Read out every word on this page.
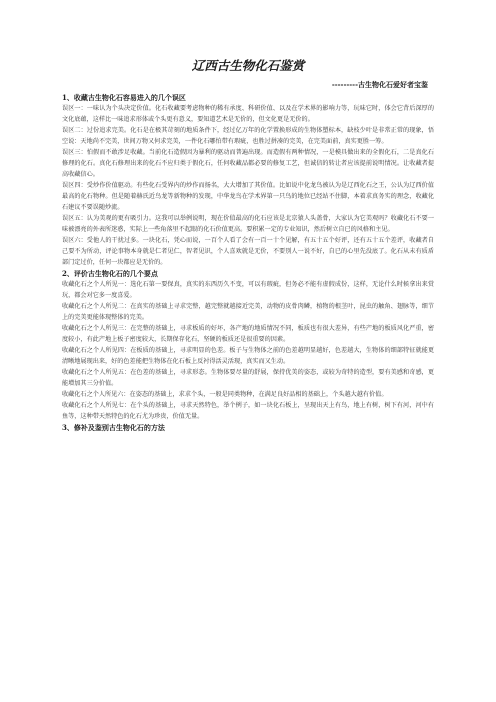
辽西古生物化石鉴赏
---------古生物化石爱好者宝鉴
1、收藏古生物化石容易进入的几个误区

误区一：一味认为个头决定价值。化石收藏要考虑物种的稀有承度、科研价值、以及在学术界的影响力等，玩味它时，体会它背后深厚的文化底蕴，这样比一味追求形体或个头更有意义，要知道艺术是无价的，但文化更是无价的。

误区二：过份追求完美。化石是在极其苛刻的地质条件下，经过亿万年的化学置换形成的生物体塑标本，缺枝少叶是非常正常的现象，悟空说：天地尚不完美，世间万物又何求完美，一件化石哪怕带有瑕疵，也胜过拼凑的完美，在完美面前，真实更胜一筹。

误区三：怕假而不敢涉足收藏。当前化石造假因为暴利的驱动而普遍出现。而造假有两种情况，一是模具做出来的全假化石，二是真化石修理的化石。真化石修理出来的化石不应归类于假化石，任何收藏品都必要的修复工艺，但诚信的转让者应该提前说明情况。让收藏者提高收藏信心。

误区四：受炒作价值驱动。有些化石受界内的炒作而扬名，大大增加了其价值。比如说中化龙鸟被认为是辽西化石之王，公认为辽西价值最高的化石物种。但是随着赫氏近鸟龙等新物种的发现，中华龙鸟在学术界第一只鸟的地位已经站不住脚，本着求真务实的理念，收藏化石建议不要误随炒流。

误区五：认为美观的更有吸引力。这我可以举例说明，现在价值最高的化石应该是北京猿人头盖骨，大家认为它美观吗？收藏化石不要一味被漂亮的外表所迷惑，实际上一些角落里不起眼的化石价值更高。要积累一定的专业知识，然后树立自已的风格和主见。

误区六：受他人的干扰过多。一块化石，凭心而说，一百个人看了会有一百一十个见解，有五十五个好评，还有五十五个差评，收藏者自己要不为所动，评论事物本身就是仁者见仁，智者见识，个人喜欢就是无价，不要别人一说不好，自已的心里先没底了。化石从未有质盾部门定过价，任何一块都应是无价的。

2、评价古生物化石的几个要点

收藏化石之个人所见一：选化石第一要保真，真实的东西历久不变，可以有瑕疵，但务必不能有虚假成份，这样，无论什么时候拿出来赏玩，都会对它多一度喜爱。

收藏化石之个人所见二：在真实的基础上寻求完整，越完整就越接近完美，动物的皮骨肉鳞，植物的根茎叶，昆虫的触角、翅脉等，细节上的完美更能体现整体的完美。

收藏化石之个人所见三：在完整的基础上，寻求板质的好坏，各产地的地质情况不同，板质也有很大差异，有些产地的板质风化严重，密度较小，有此产地上板子密度较大，长期保存化石，坚硬的板质还是很重要的因素。

收藏化石之个人所见四：在板质的基础上，寻求明显的色差。板子与生物体之前的色差越明显越好，色差越大，生物体的细部特征就能更清晰地展现出来，好的色差能把生物体在化石板上反衬得活灵活现，真实而又生动。

收藏化石之个人所见五：在色差的基础上，寻求形态。生物体要尽量的舒展，保持优美的姿态，或较为奇特的造型，要有美感和奇感，更能增加其三分价值。

收藏化石之个人所见六：在姿态的基础上，求求个头，一般是同类物种，在满足良好品相的基础上，个头越大越有价值。

收藏化石之个人所见七：在个头的基础上，寻求天然特色，举个例子，如一块化石板上，呈现出天上有鸟，地上有树，树下有河，河中有鱼等，这种带天然特色的化石尤为珍贵，价值无量。

3、修补及鉴别古生物化石的方法
